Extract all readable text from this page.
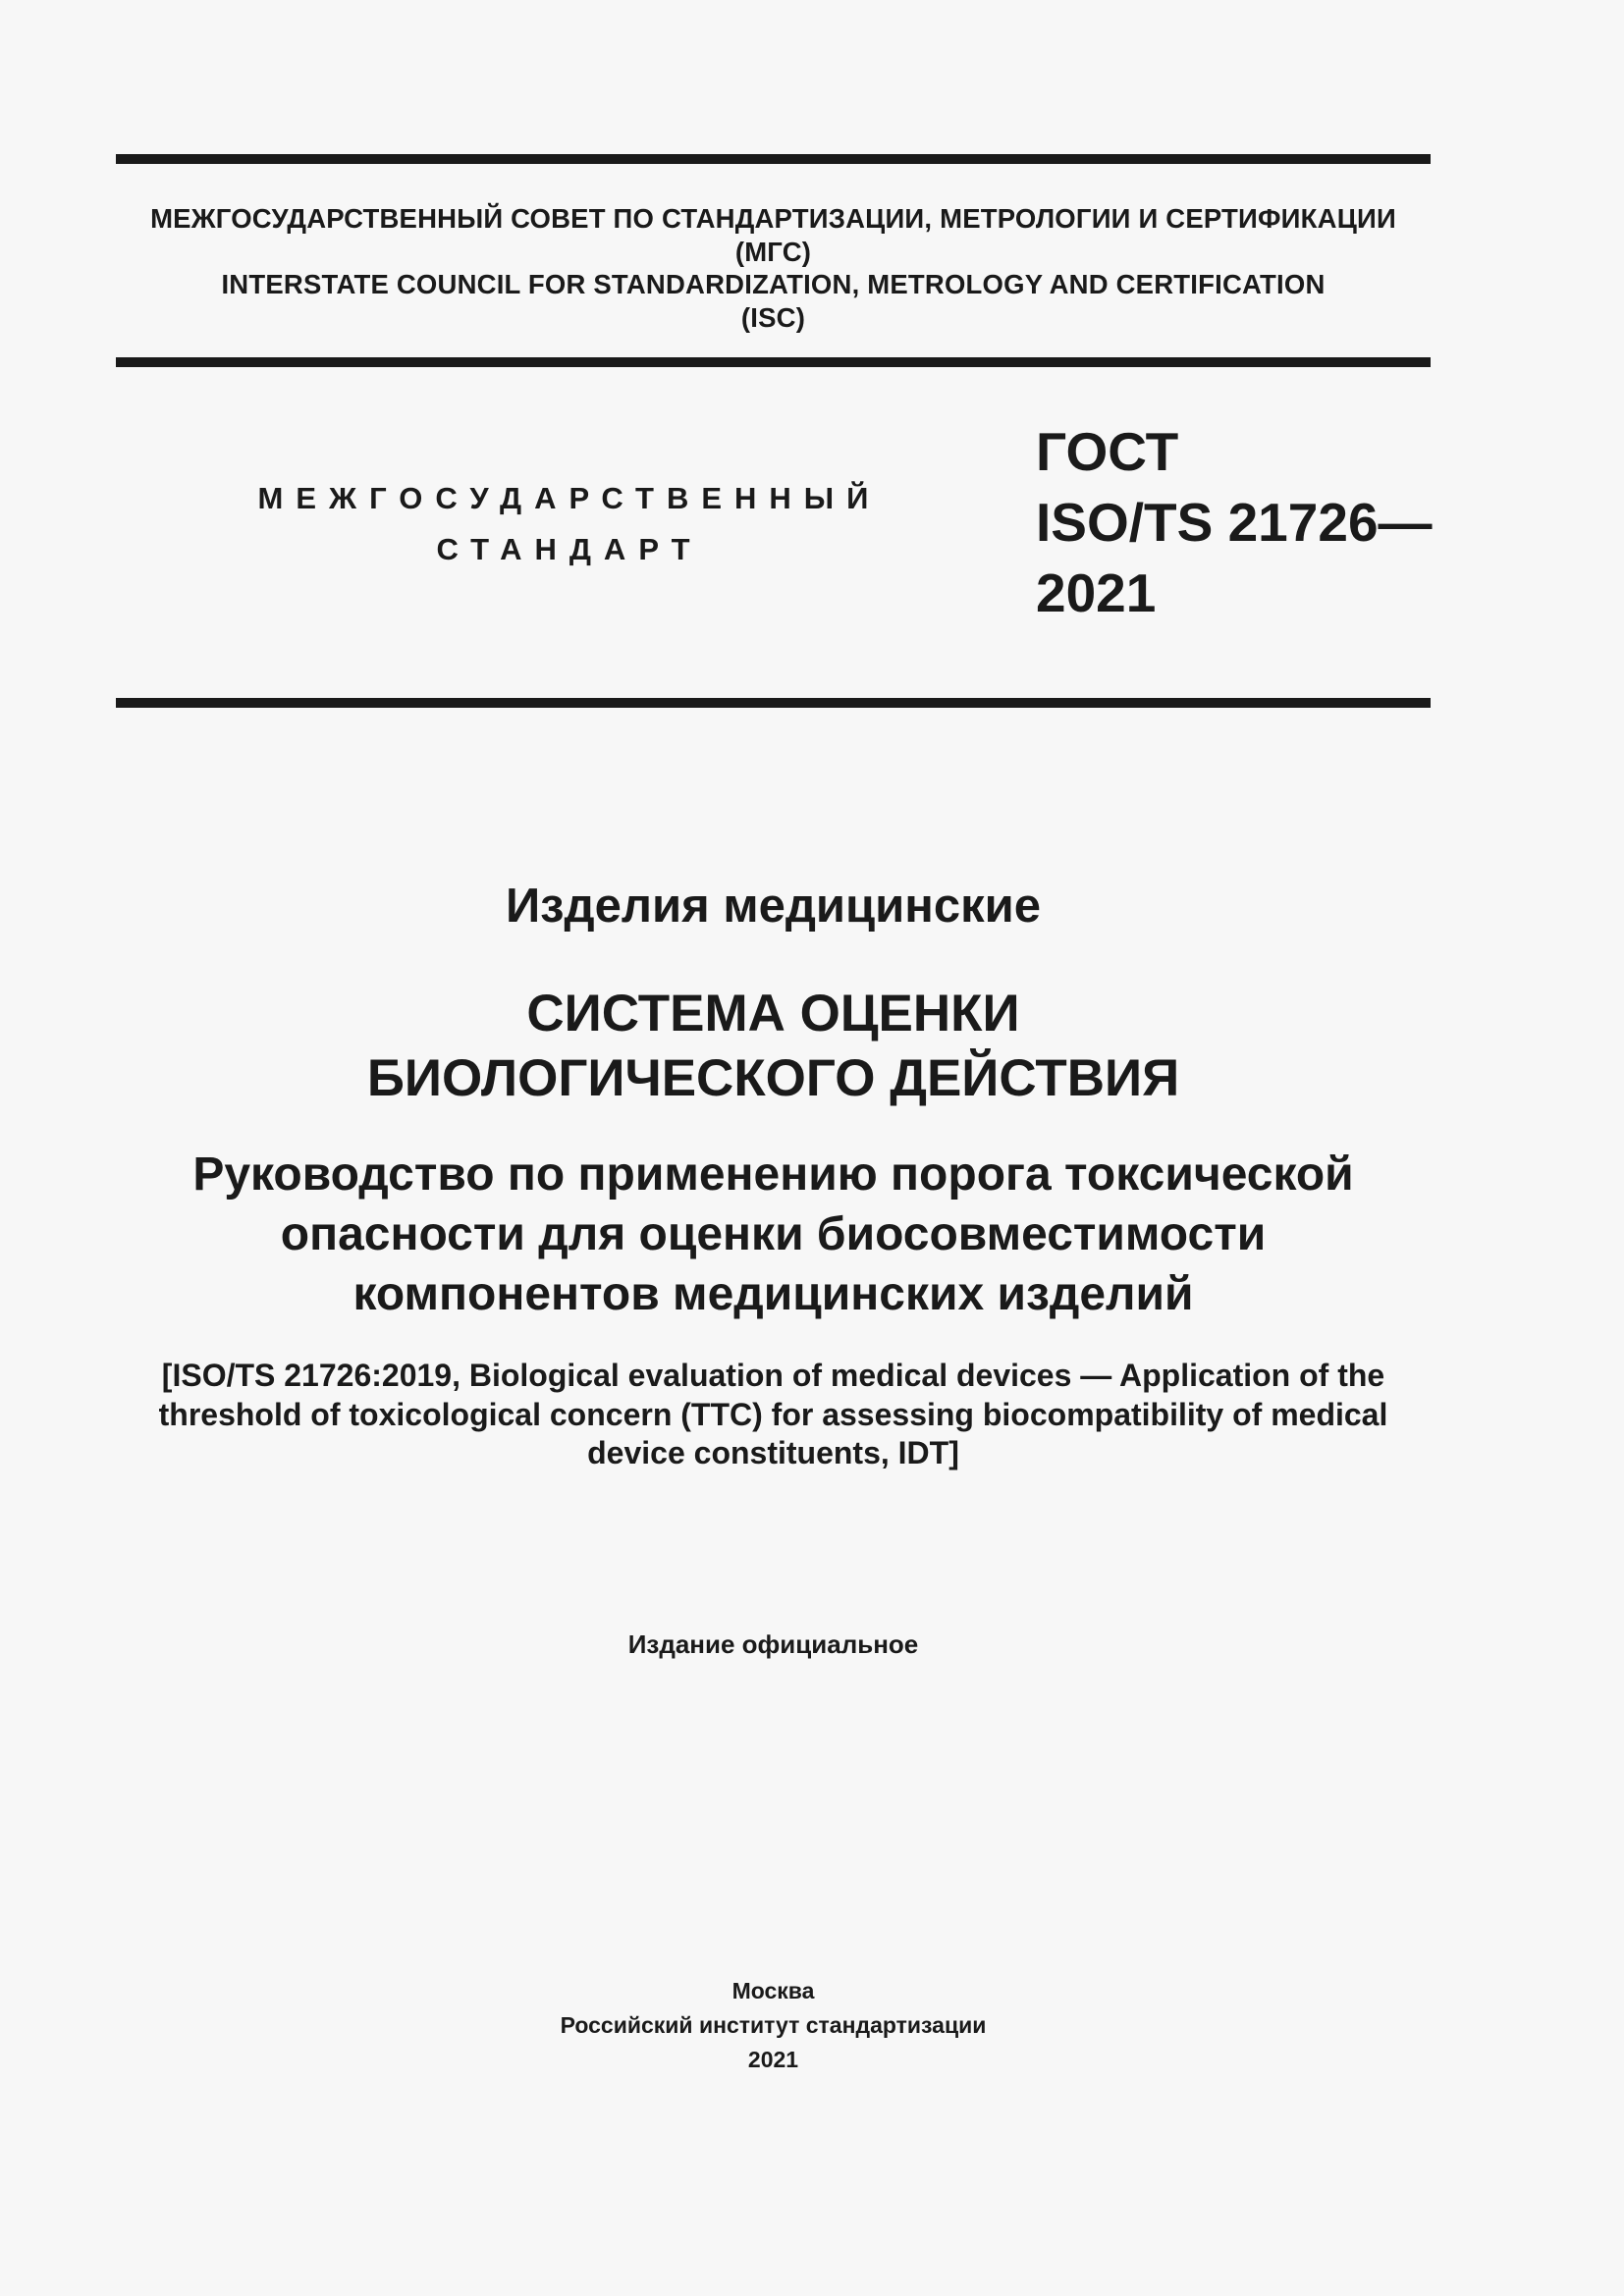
МЕЖГОСУДАРСТВЕННЫЙ СОВЕТ ПО СТАНДАРТИЗАЦИИ, МЕТРОЛОГИИ И СЕРТИФИКАЦИИ
(МГС)
INTERSTATE COUNCIL FOR STANDARDIZATION, METROLOGY AND CERTIFICATION
(ISC)
МЕЖГОСУДАРСТВЕННЫЙ
СТАНДАРТ
ГОСТ
ISO/TS 21726—
2021
Изделия медицинские
СИСТЕМА ОЦЕНКИ
БИОЛОГИЧЕСКОГО ДЕЙСТВИЯ
Руководство по применению порога токсической
опасности для оценки биосовместимости
компонентов медицинских изделий
[ISO/TS 21726:2019, Biological evaluation of medical devices — Application of the
threshold of toxicological concern (TTC) for assessing biocompatibility of medical
device constituents, IDT]
Издание официальное
Москва
Российский институт стандартизации
2021
